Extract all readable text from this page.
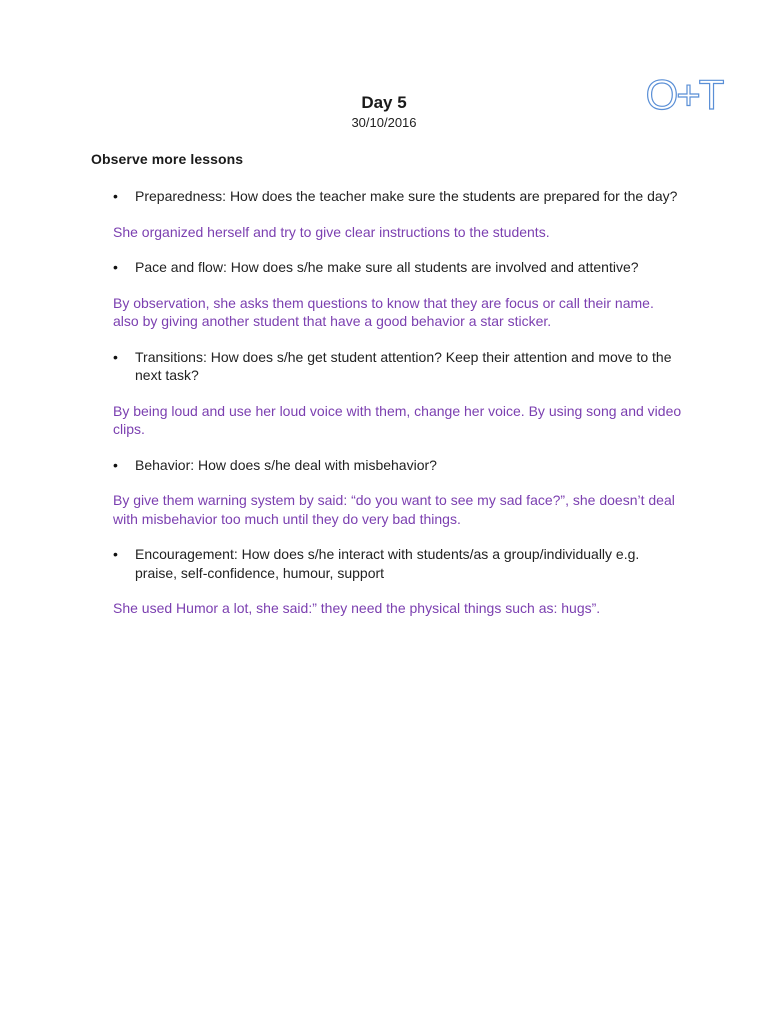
O+T
Day 5
30/10/2016
Observe more lessons
• Preparedness: How does the teacher make sure the students are prepared for the day?
She organized herself and try to give clear instructions to the students.
• Pace and flow: How does s/he make sure all students are involved and attentive?
By observation, she asks them questions to know that they are focus or call their name. also by giving another student that have a good behavior a star sticker.
• Transitions: How does s/he get student attention? Keep their attention and move to the next task?
By being loud and use her loud voice with them, change her voice. By using song and video clips.
• Behavior: How does s/he deal with misbehavior?
By give them warning system by said: “do you want to see my sad face?”, she doesn’t deal with misbehavior too much until they do very bad things.
• Encouragement: How does s/he interact with students/as a group/individually e.g. praise, self-confidence, humour, support
She used Humor a lot, she said:” they need the physical things such as: hugs”.
